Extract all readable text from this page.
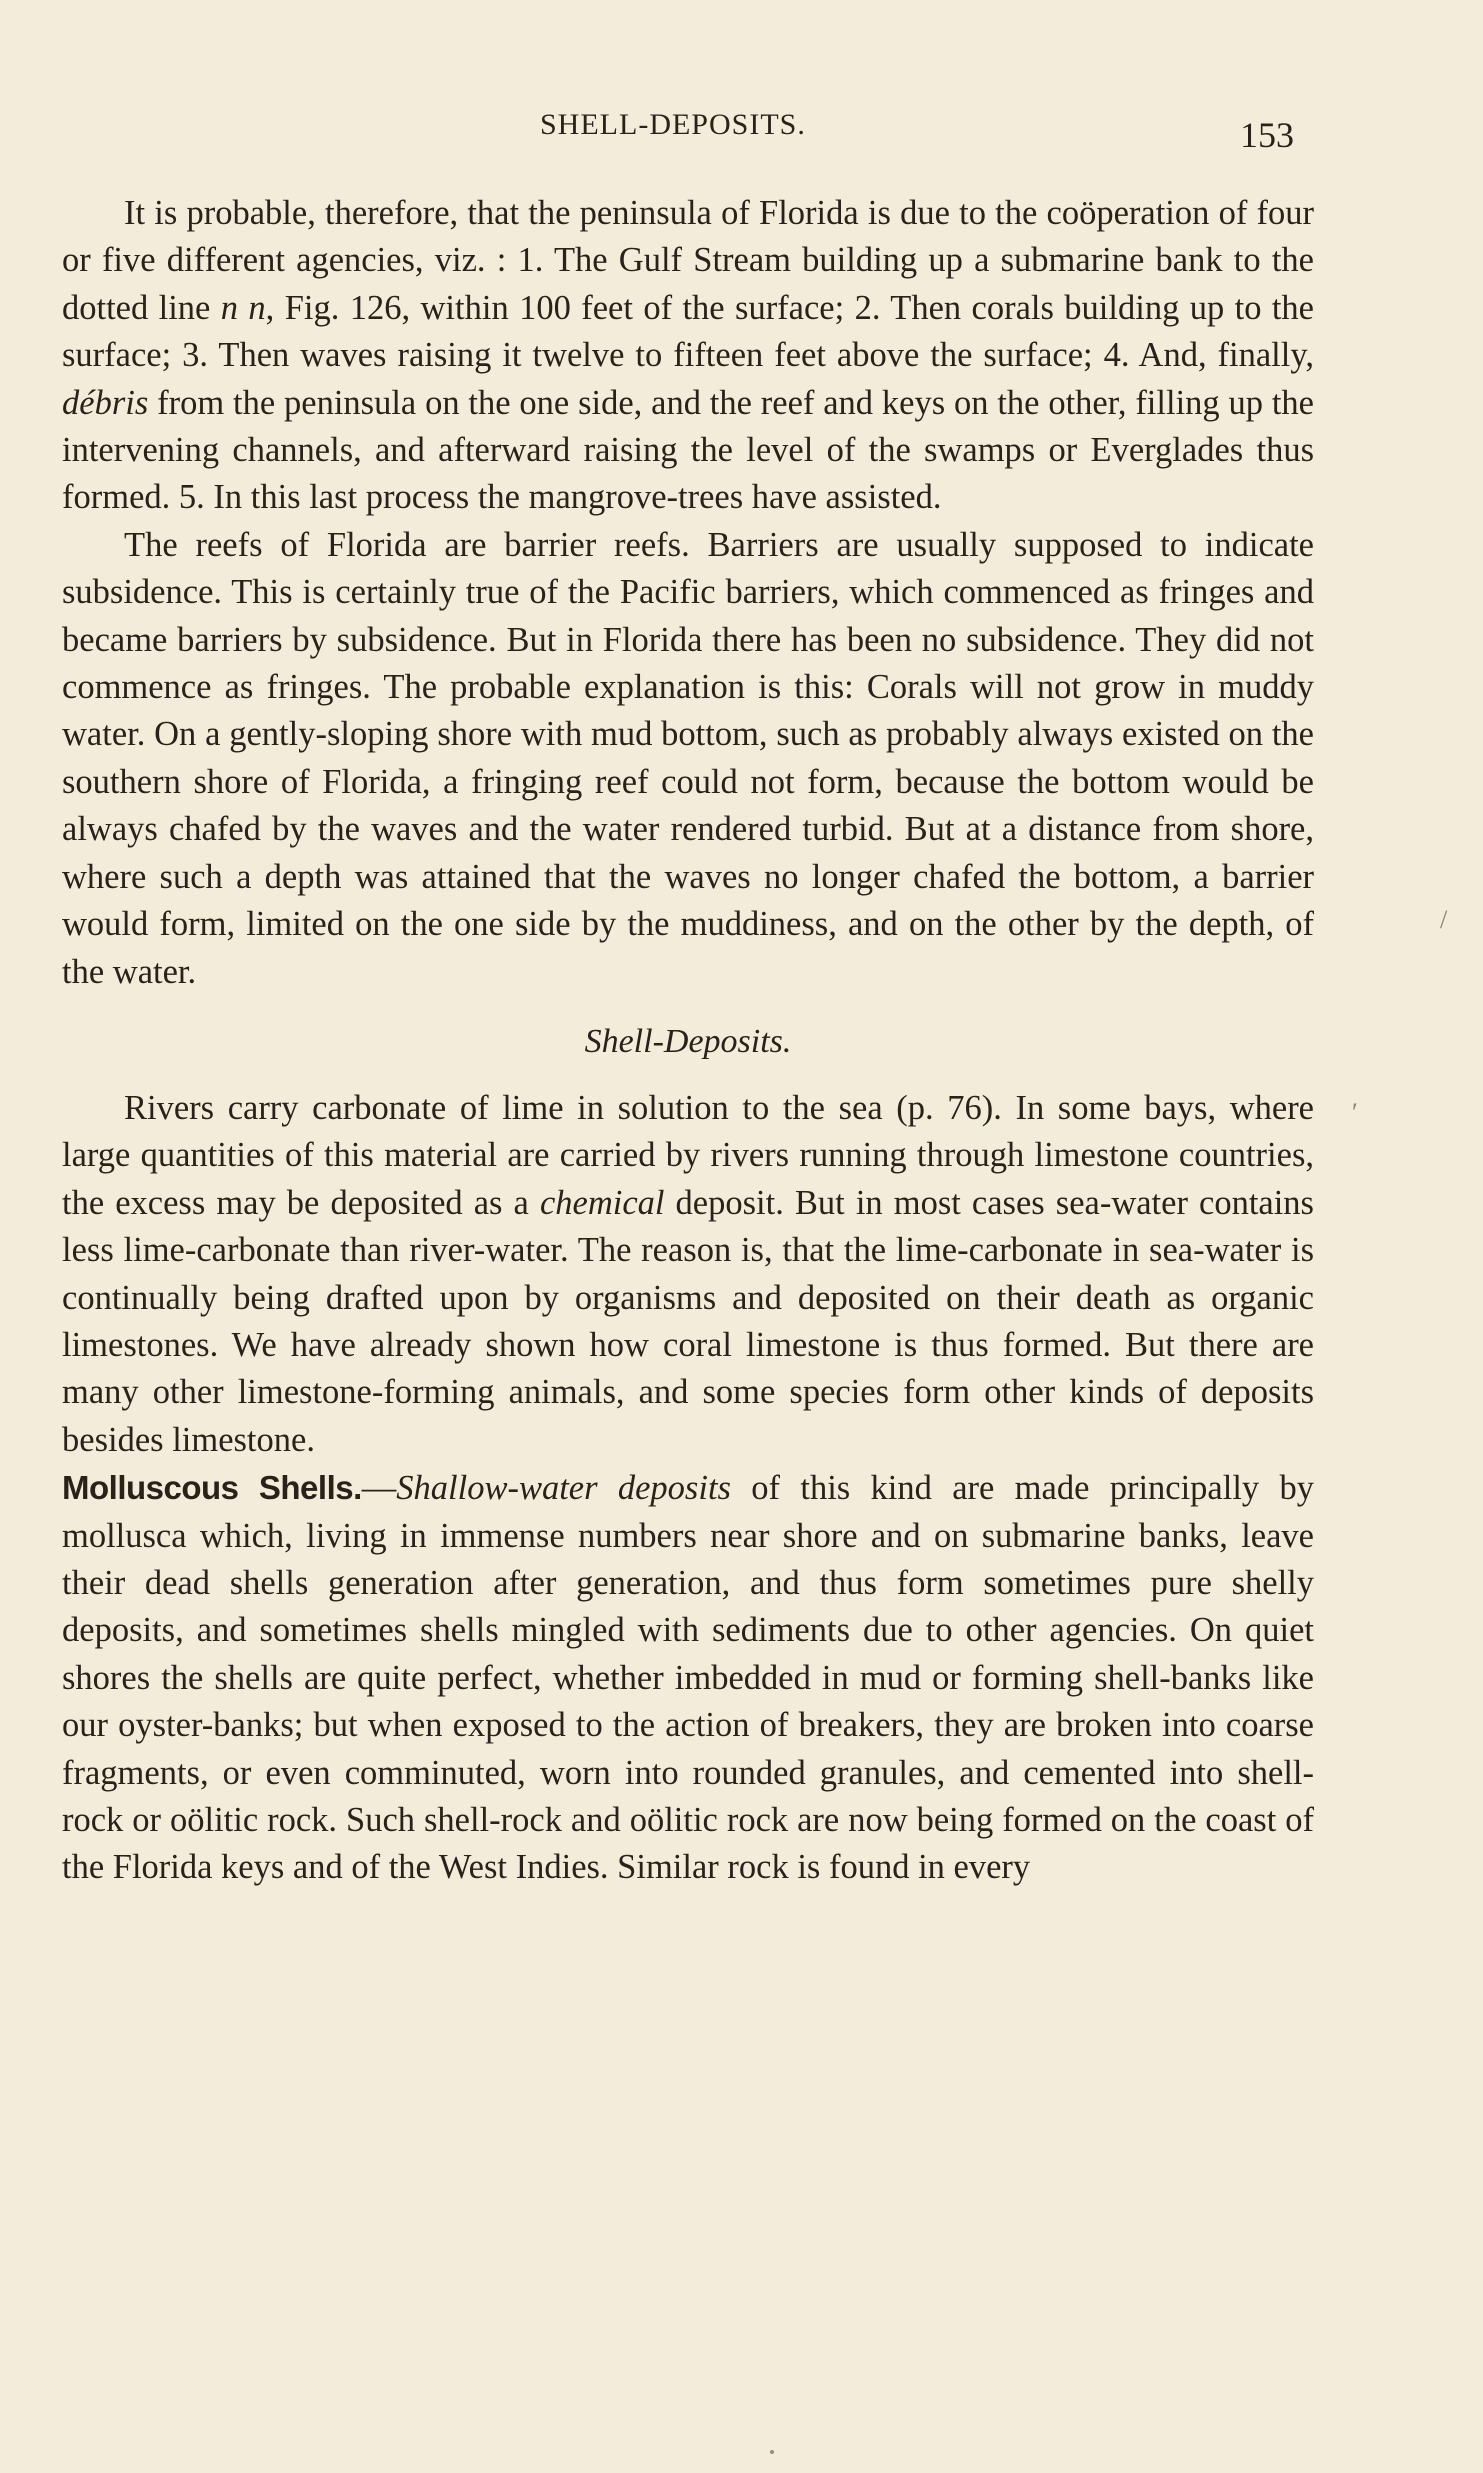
SHELL-DEPOSITS.	153

It is probable, therefore, that the peninsula of Florida is due to the coöperation of four or five different agencies, viz. : 1. The Gulf Stream building up a submarine bank to the dotted line n n, Fig. 126, within 100 feet of the surface; 2. Then corals building up to the surface; 3. Then waves raising it twelve to fifteen feet above the surface; 4. And, finally, débris from the peninsula on the one side, and the reef and keys on the other, filling up the intervening channels, and afterward raising the level of the swamps or Everglades thus formed. 5. In this last process the mangrove-trees have assisted.

The reefs of Florida are barrier reefs. Barriers are usually supposed to indicate subsidence. This is certainly true of the Pacific barriers, which commenced as fringes and became barriers by subsidence. But in Florida there has been no subsidence. They did not commence as fringes. The probable explanation is this: Corals will not grow in muddy water. On a gently-sloping shore with mud bottom, such as probably always existed on the southern shore of Florida, a fringing reef could not form, because the bottom would be always chafed by the waves and the water rendered turbid. But at a distance from shore, where such a depth was attained that the waves no longer chafed the bottom, a barrier would form, limited on the one side by the muddiness, and on the other by the depth, of the water.

Shell-Deposits.

Rivers carry carbonate of lime in solution to the sea (p. 76). In some bays, where large quantities of this material are carried by rivers running through limestone countries, the excess may be deposited as a chemical deposit. But in most cases sea-water contains less lime-carbonate than river-water. The reason is, that the lime-carbonate in sea-water is continually being drafted upon by organisms and deposited on their death as organic limestones. We have already shown how coral limestone is thus formed. But there are many other limestone-forming animals, and some species form other kinds of deposits besides limestone.

Molluscous Shells.—Shallow-water deposits of this kind are made principally by mollusca which, living in immense numbers near shore and on submarine banks, leave their dead shells generation after generation, and thus form sometimes pure shelly deposits, and sometimes shells mingled with sediments due to other agencies. On quiet shores the shells are quite perfect, whether imbedded in mud or forming shell-banks like our oyster-banks; but when exposed to the action of breakers, they are broken into coarse fragments, or even comminuted, worn into rounded granules, and cemented into shell-rock or oölitic rock. Such shell-rock and oölitic rock are now being formed on the coast of the Florida keys and of the West Indies. Similar rock is found in every

/
′
